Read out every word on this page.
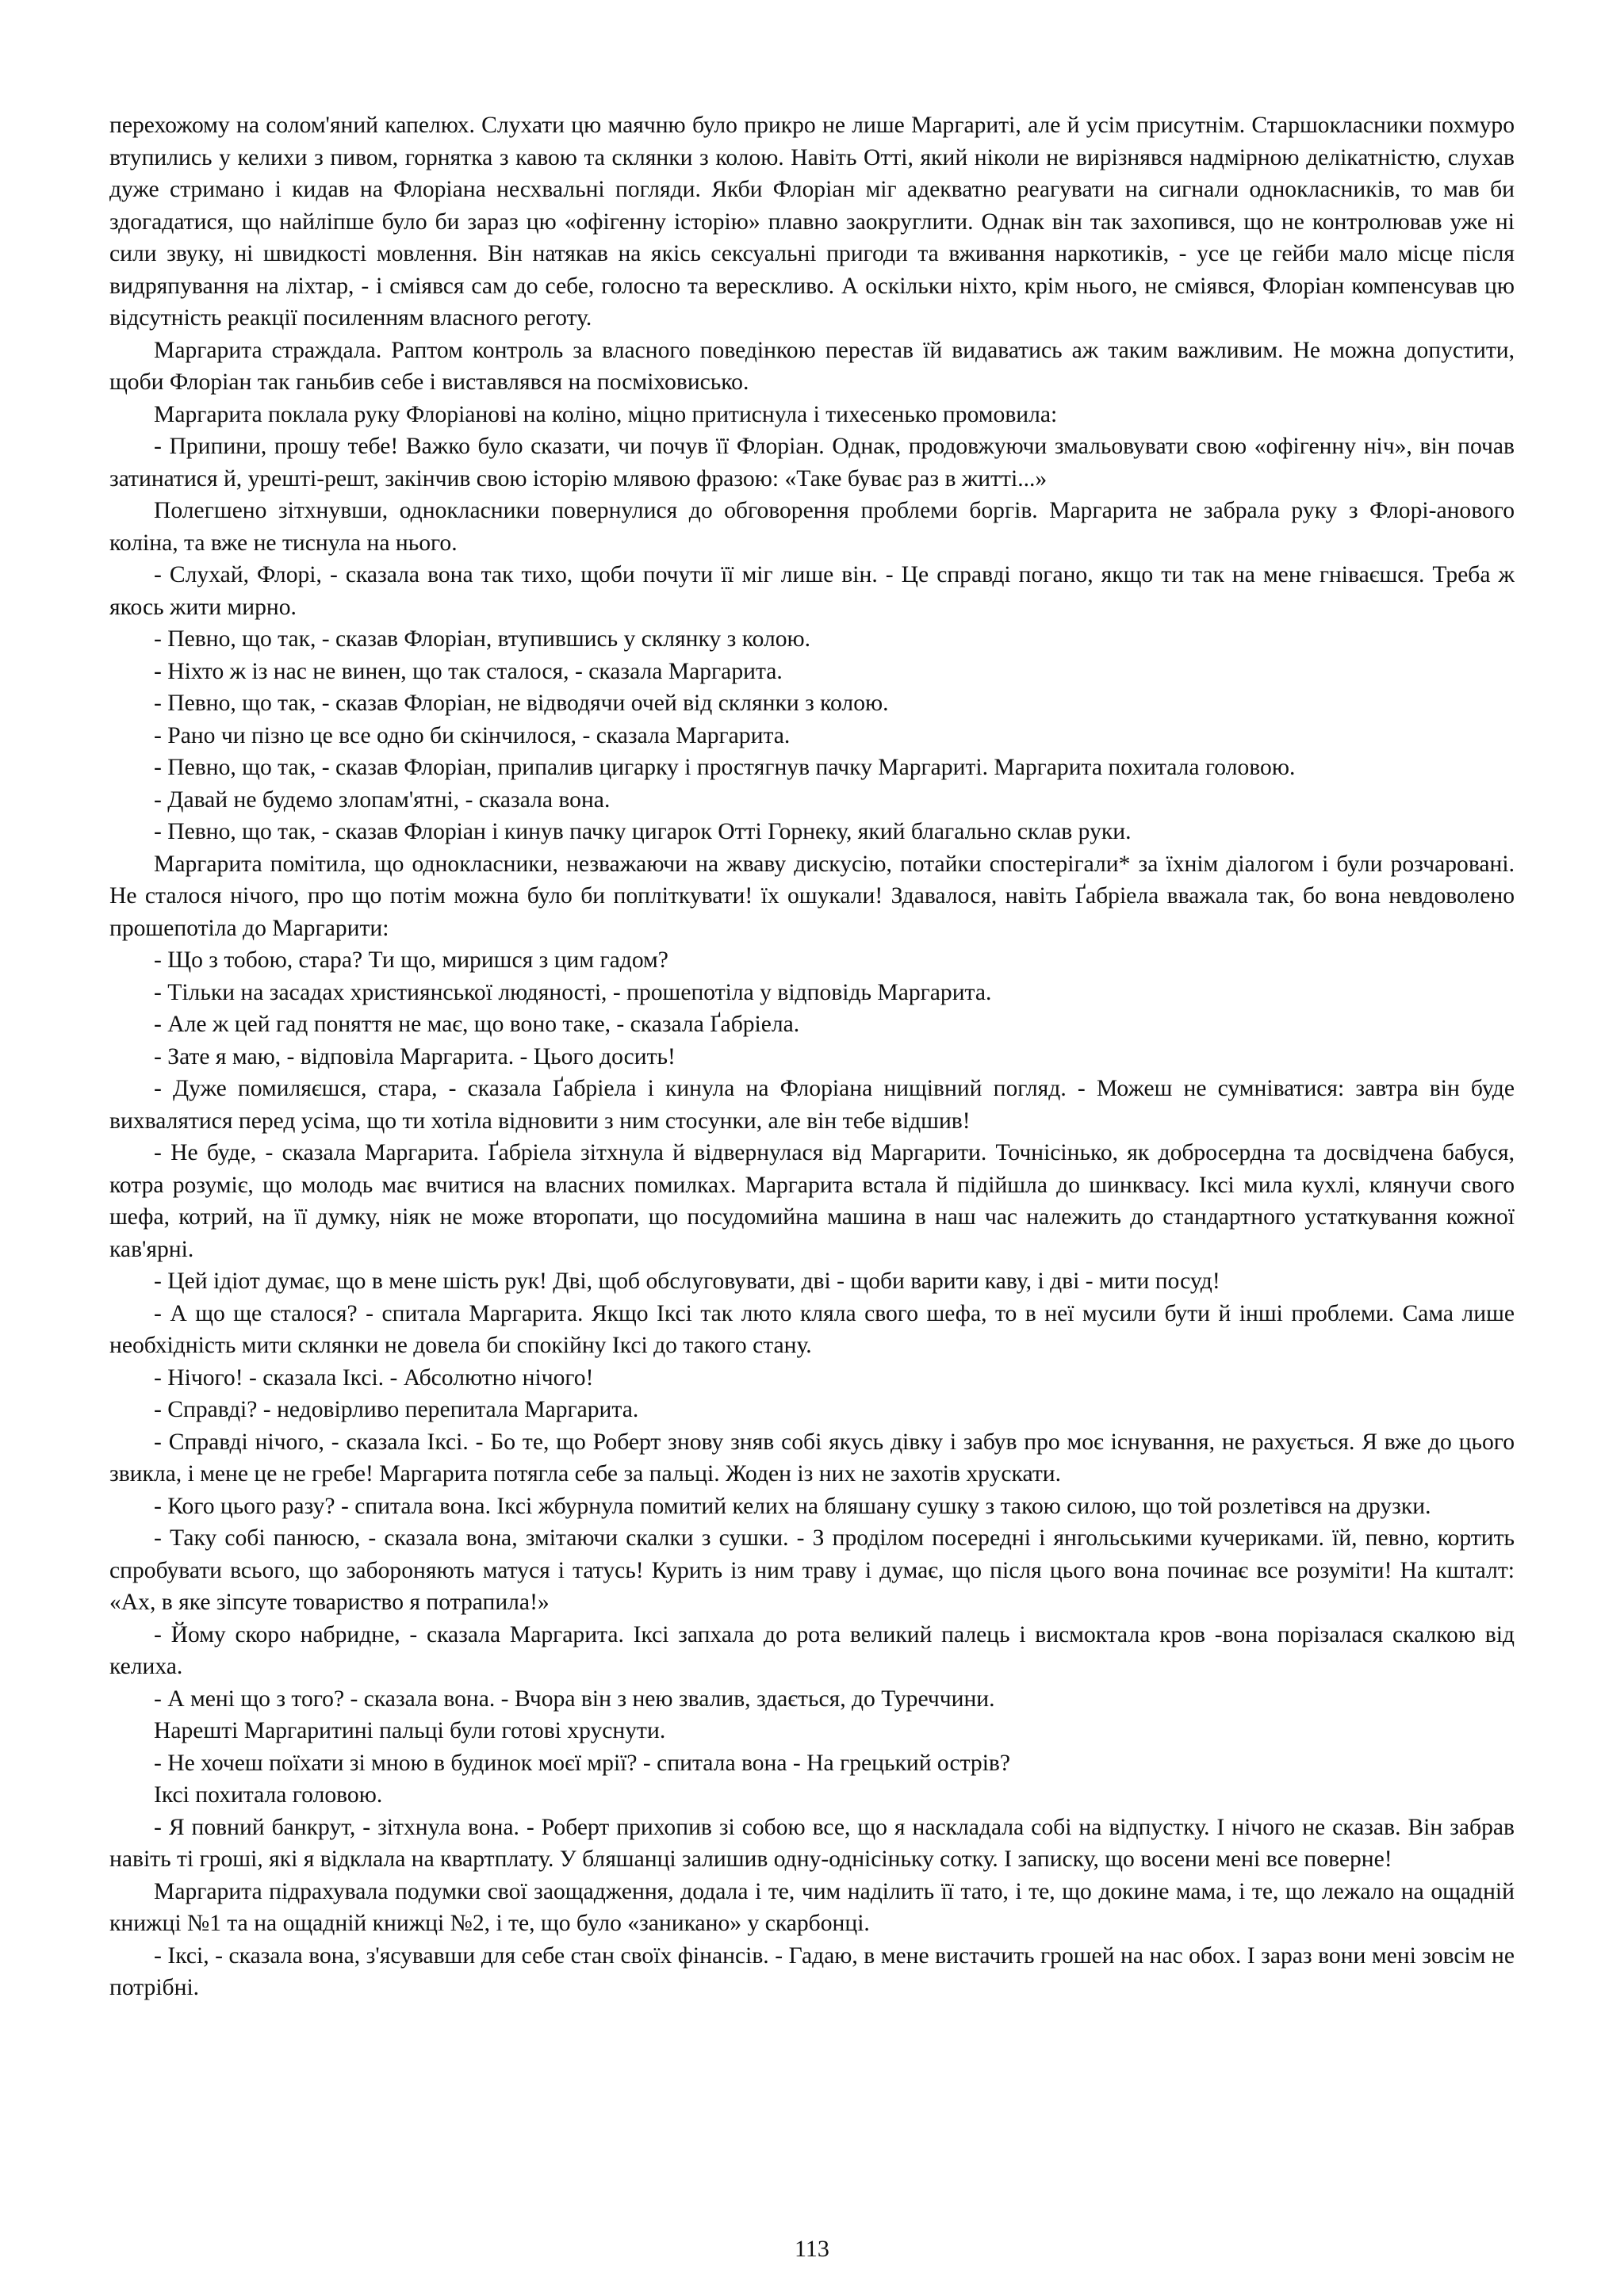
перехожому на солом'яний капелюх. Слухати цю маячню було прикро не лише Маргариті, але й усім присутнім. Старшокласники похмуро втупились у келихи з пивом, горнятка з кавою та склянки з колою. Навіть Отті, який ніколи не вирізнявся надмірною делікатністю, слухав дуже стримано і кидав на Флоріана несхвальні погляди. Якби Флоріан міг адекватно реагувати на сигнали однокласників, то мав би здогадатися, що найліпше було би зараз цю «офігенну історію» плавно заокруглити. Однак він так захопився, що не контролював уже ні сили звуку, ні швидкості мовлення. Він натякав на якісь сексуальні пригоди та вживання наркотиків, - усе це гейби мало місце після видряпування на ліхтар, - і сміявся сам до себе, голосно та верескливо. А оскільки ніхто, крім нього, не сміявся, Флоріан компенсував цю відсутність реакції посиленням власного реготу.

Маргарита страждала. Раптом контроль за власного поведінкою перестав їй видаватись аж таким важливим. Не можна допустити, щоби Флоріан так ганьбив себе і виставлявся на посміховисько.

Маргарита поклала руку Флоріанові на коліно, міцно притиснула і тихесенько промовила:

- Припини, прошу тебе! Важко було сказати, чи почув її Флоріан. Однак, продовжуючи змальовувати свою «офігенну ніч», він почав затинатися й, урешті-решт, закінчив свою історію млявою фразою: «Таке буває раз в житті...»

Полегшено зітхнувши, однокласники повернулися до обговорення проблеми боргів. Маргарита не забрала руку з Флорі-анового коліна, та вже не тиснула на нього.

- Слухай, Флорі, - сказала вона так тихо, щоби почути її міг лише він. - Це справді погано, якщо ти так на мене гніваєшся. Треба ж якось жити мирно.

- Певно, що так, - сказав Флоріан, втупившись у склянку з колою.

- Ніхто ж із нас не винен, що так сталося, - сказала Маргарита.

- Певно, що так, - сказав Флоріан, не відводячи очей від склянки з колою.

- Рано чи пізно це все одно би скінчилося, - сказала Маргарита.

- Певно, що так, - сказав Флоріан, припалив цигарку і простягнув пачку Маргариті. Маргарита похитала головою.

- Давай не будемо злопам'ятні, - сказала вона.

- Певно, що так, - сказав Флоріан і кинув пачку цигарок Отті Горнеку, який благально склав руки.

Маргарита помітила, що однокласники, незважаючи на жваву дискусію, потайки спостерігали* за їхнім діалогом і були розчаровані. Не сталося нічого, про що потім можна було би попліткувати! їх ошукали! Здавалося, навіть Ґабріела вважала так, бо вона невдоволено прошепотіла до Маргарити:

- Що з тобою, стара? Ти що, миришся з цим гадом?

- Тільки на засадах християнської людяності, - прошепотіла у відповідь Маргарита.

- Але ж цей гад поняття не має, що воно таке, - сказала Ґабріела.

- Зате я маю, - відповіла Маргарита. - Цього досить!

- Дуже помиляєшся, стара, - сказала Ґабріела і кинула на Флоріана нищівний погляд. - Можеш не сумніватися: завтра він буде вихвалятися перед усіма, що ти хотіла відновити з ним стосунки, але він тебе відшив!

- Не буде, - сказала Маргарита. Ґабріела зітхнула й відвернулася від Маргарити. Точнісінько, як добросердна та досвідчена бабуся, котра розуміє, що молодь має вчитися на власних помилках. Маргарита встала й підійшла до шинквасу. Іксі мила кухлі, клянучи свого шефа, котрий, на її думку, ніяк не може второпати, що посудомийна машина в наш час належить до стандартного устаткування кожної кав'ярні.

- Цей ідіот думає, що в мене шість рук! Дві, щоб обслуговувати, дві - щоби варити каву, і дві - мити посуд!

- А що ще сталося? - спитала Маргарита. Якщо Іксі так люто кляла свого шефа, то в неї мусили бути й інші проблеми. Сама лише необхідність мити склянки не довела би спокійну Іксі до такого стану.

- Нічого! - сказала Іксі. - Абсолютно нічого!

- Справді? - недовірливо перепитала Маргарита.

- Справді нічого, - сказала Іксі. - Бо те, що Роберт знову зняв собі якусь дівку і забув про моє існування, не рахується. Я вже до цього звикла, і мене це не гребе! Маргарита потягла себе за пальці. Жоден із них не захотів хрускати.

- Кого цього разу? - спитала вона. Іксі жбурнула помитий келих на бляшану сушку з такою силою, що той розлетівся на друзки.

- Таку собі панюсю, - сказала вона, змітаючи скалки з сушки. - З проділом посередні і янгольськими кучериками. їй, певно, кортить спробувати всього, що забороняють матуся і татусь! Курить із ним траву і думає, що після цього вона починає все розуміти! На кшталт: «Ах, в яке зіпсуте товариство я потрапила!»

- Йому скоро набридне, - сказала Маргарита. Іксі запхала до рота великий палець і висмоктала кров -вона порізалася скалкою від келиха.

- А мені що з того? - сказала вона. - Вчора він з нею звалив, здається, до Туреччини.

Нарешті Маргаритині пальці були готові хруснути.

- Не хочеш поїхати зі мною в будинок моєї мрії? - спитала вона - На грецький острів?

Іксі похитала головою.

- Я повний банкрут, - зітхнула вона. - Роберт прихопив зі собою все, що я наскладала собі на відпустку. І нічого не сказав. Він забрав навіть ті гроші, які я відклала на квартплату. У бляшанці залишив одну-однісіньку сотку. І записку, що восени мені все поверне!

Маргарита підрахувала подумки свої заощадження, додала і те, чим наділить її тато, і те, що докине мама, і те, що лежало на ощадній книжці №1 та на ощадній книжці №2, і те, що було «заникано» у скарбонці.

- Іксі, - сказала вона, з'ясувавши для себе стан своїх фінансів. - Гадаю, в мене вистачить грошей на нас обох. І зараз вони мені зовсім не потрібні.

113
